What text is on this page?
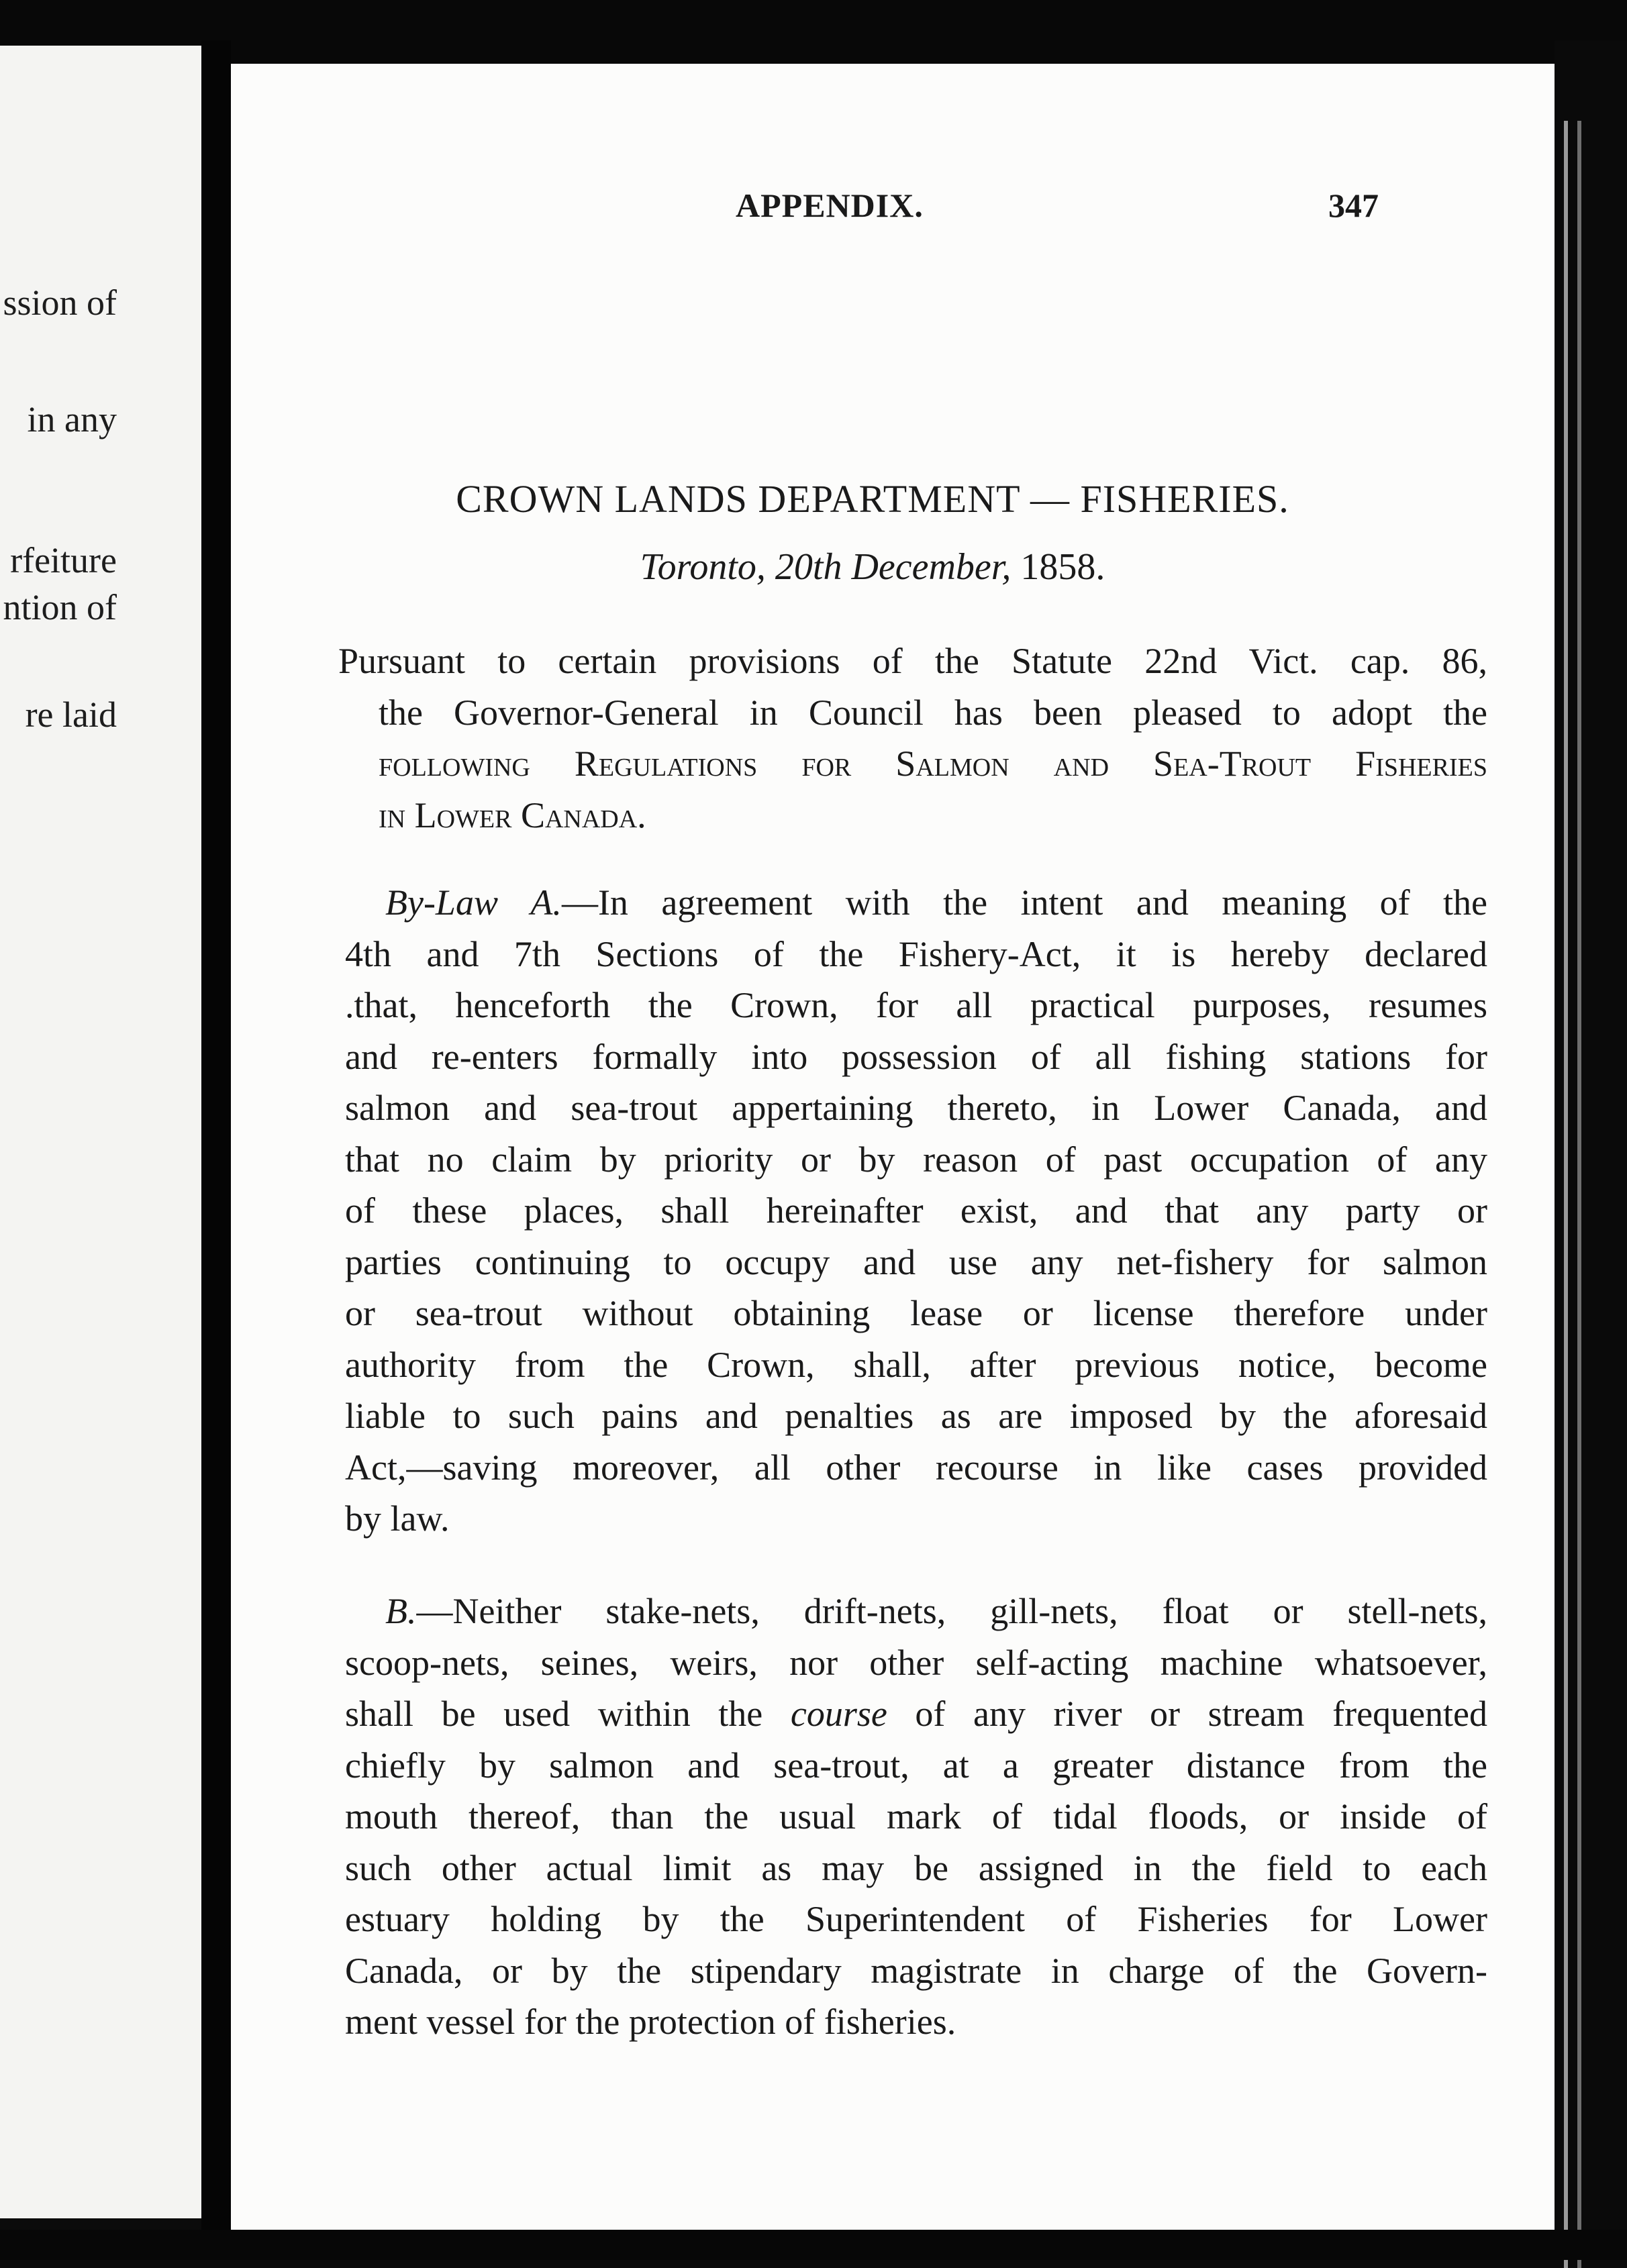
ssion of
in any
rfeiture
ntion of
re laid
APPENDIX.	347
CROWN LANDS DEPARTMENT — FISHERIES.
Toronto, 20th December, 1858.
Pursuant to certain provisions of the Statute 22nd Vict. cap. 86,
the Governor-General in Council has been pleased to adopt the
following Regulations for Salmon and Sea-Trout Fisheries
in Lower Canada.
By-Law A.—In agreement with the intent and meaning of the
4th and 7th Sections of the Fishery-Act, it is hereby declared
.that, henceforth the Crown, for all practical purposes, resumes
and re-enters formally into possession of all fishing stations for
salmon and sea-trout appertaining thereto, in Lower Canada, and
that no claim by priority or by reason of past occupation of any
of these places, shall hereinafter exist, and that any party or
parties continuing to occupy and use any net-fishery for salmon
or sea-trout without obtaining lease or license therefore under
authority from the Crown, shall, after previous notice, become
liable to such pains and penalties as are imposed by the aforesaid
Act,—saving moreover, all other recourse in like cases provided
by law.
B.—Neither stake-nets, drift-nets, gill-nets, float or stell-nets,
scoop-nets, seines, weirs, nor other self-acting machine whatsoever,
shall be used within the course of any river or stream frequented
chiefly by salmon and sea-trout, at a greater distance from the
mouth thereof, than the usual mark of tidal floods, or inside of
such other actual limit as may be assigned in the field to each
estuary holding by the Superintendent of Fisheries for Lower
Canada, or by the stipendary magistrate in charge of the Govern-
ment vessel for the protection of fisheries.
